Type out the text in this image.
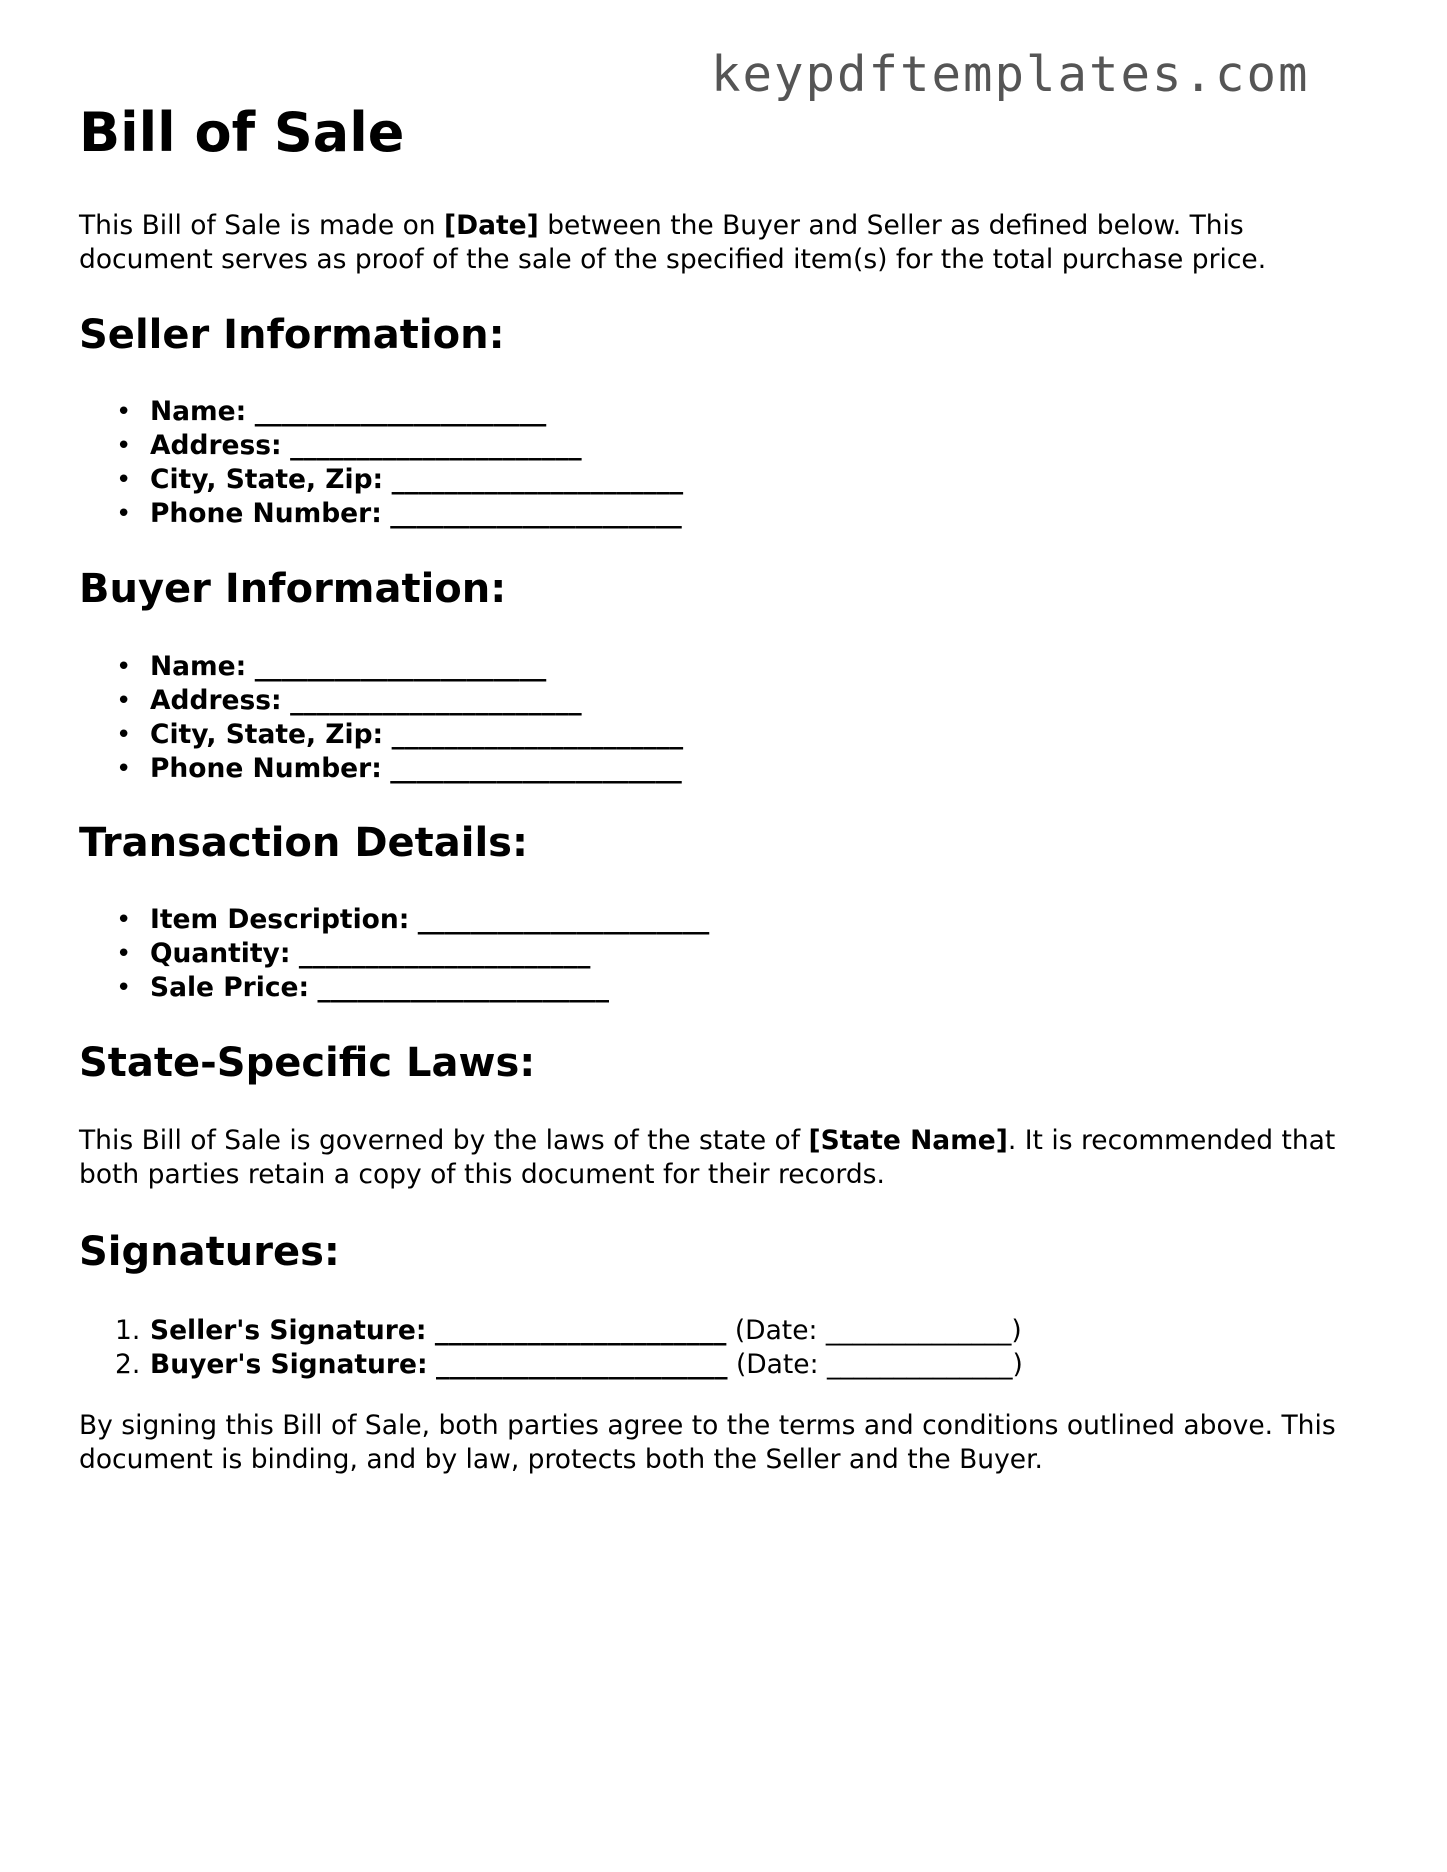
keypdftemplates.com
Bill of Sale

This Bill of Sale is made on [Date] between the Buyer and Seller as defined below. This document serves as proof of the sale of the specified item(s) for the total purchase price.

Seller Information:
• Name: ______________________
• Address: ______________________
• City, State, Zip: ______________________
• Phone Number: ______________________
Buyer Information:
• Name: ______________________
• Address: ______________________
• City, State, Zip: ______________________
• Phone Number: ______________________
Transaction Details:
• Item Description: ______________________
• Quantity: ______________________
• Sale Price: ______________________
State-Specific Laws:

This Bill of Sale is governed by the laws of the state of [State Name]. It is recommended that both parties retain a copy of this document for their records.

Signatures:
1. Seller's Signature: ______________________ (Date: ______________)
2. Buyer's Signature: ______________________ (Date: ______________)

By signing this Bill of Sale, both parties agree to the terms and conditions outlined above. This document is binding, and by law, protects both the Seller and the Buyer.
